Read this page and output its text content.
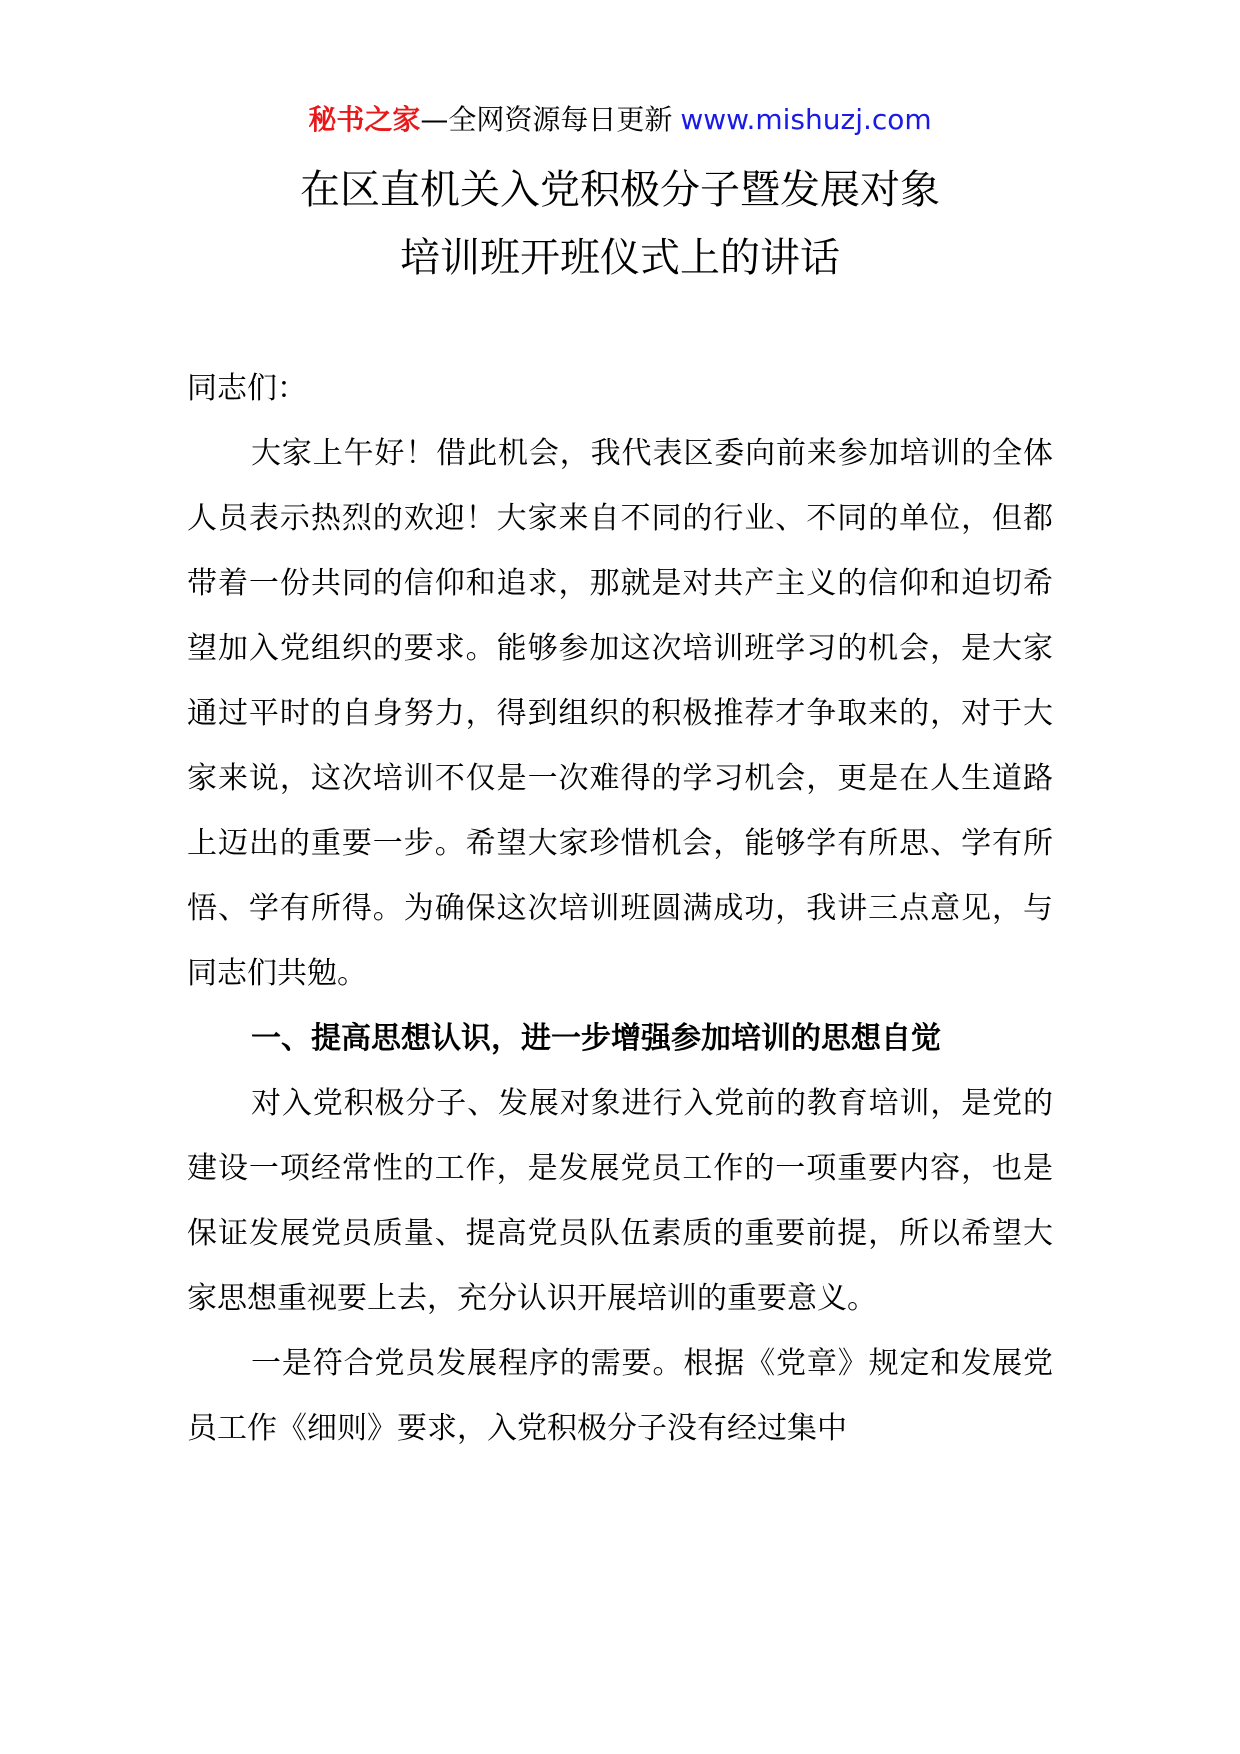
秘书之家—全网资源每日更新 www.mishuzj.com
在区直机关入党积极分子暨发展对象
培训班开班仪式上的讲话

同志们：

大家上午好！借此机会，我代表区委向前来参加培训的全体人员表示热烈的欢迎！大家来自不同的行业、不同的单位，但都带着一份共同的信仰和追求，那就是对共产主义的信仰和迫切希望加入党组织的要求。能够参加这次培训班学习的机会，是大家通过平时的自身努力，得到组织的积极推荐才争取来的，对于大家来说，这次培训不仅是一次难得的学习机会，更是在人生道路上迈出的重要一步。希望大家珍惜机会，能够学有所思、学有所悟、学有所得。为确保这次培训班圆满成功，我讲三点意见，与同志们共勉。

一、提高思想认识，进一步增强参加培训的思想自觉

对入党积极分子、发展对象进行入党前的教育培训，是党的建设一项经常性的工作，是发展党员工作的一项重要内容，也是保证发展党员质量、提高党员队伍素质的重要前提，所以希望大家思想重视要上去，充分认识开展培训的重要意义。

一是符合党员发展程序的需要。根据《党章》规定和发展党员工作《细则》要求，入党积极分子没有经过集中
